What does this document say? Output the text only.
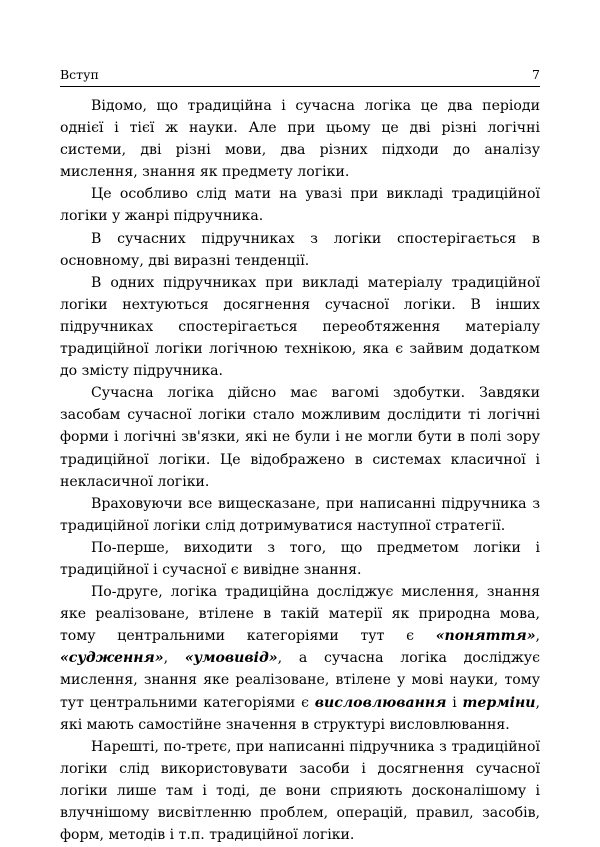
Вступ	7

Відомо, що традиційна і сучасна логіка це два періоди однієї і тієї ж науки. Але при цьому це дві різні логічні системи, дві різні мови, два різних підходи до аналізу мислення, знання як предмету логіки.

Це особливо слід мати на увазі при викладі традиційної логіки у жанрі підручника.

В сучасних підручниках з логіки спостерігається в основному, дві виразні тенденції.

В одних підручниках при викладі матеріалу традиційної логіки нехтуються досягнення сучасної логіки. В інших підручниках спостерігається переобтяження матеріалу традиційної логіки логічною технікою, яка є зайвим додатком до змісту підручника.

Сучасна логіка дійсно має вагомі здобутки. Завдяки засобам сучасної логіки стало можливим дослідити ті логічні форми і логічні зв'язки, які не були і не могли бути в полі зору традиційної логіки. Це відображено в системах класичної і некласичної логіки.

Враховуючи все вищесказане, при написанні підручника з традиційної логіки слід дотримуватися наступної стратегії.

По-перше, виходити з того, що предметом логіки і традиційної і сучасної є вивідне знання.

По-друге, логіка традиційна досліджує мислення, знання яке реалізоване, втілене в такій матерії як природна мова, тому центральними категоріями тут є «поняття», «судження», «умовивід», а сучасна логіка досліджує мислення, знання яке реалізоване, втілене у мові науки, тому тут центральними категоріями є висловлювання і терміни, які мають самостійне значення в структурі висловлювання.

Нарешті, по-третє, при написанні підручника з традиційної логіки слід використовувати засоби і досягнення сучасної логіки лише там і тоді, де вони сприяють досконалішому і влучнішому висвітленню проблем, операцій, правил, засобів, форм, методів і т.п. традиційної логіки.
